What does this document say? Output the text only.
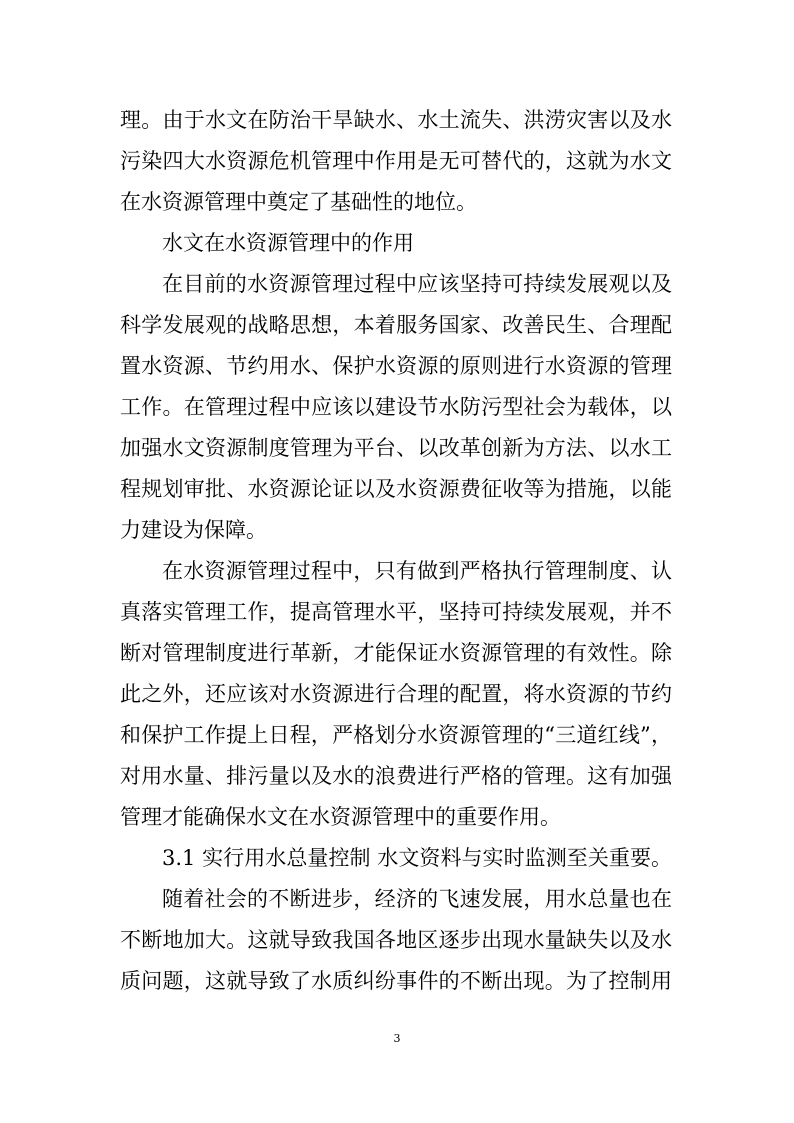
理。由于水文在防治干旱缺水、水土流失、洪涝灾害以及水
污染四大水资源危机管理中作用是无可替代的，这就为水文
在水资源管理中奠定了基础性的地位。
水文在水资源管理中的作用
在目前的水资源管理过程中应该坚持可持续发展观以及
科学发展观的战略思想，本着服务国家、改善民生、合理配
置水资源、节约用水、保护水资源的原则进行水资源的管理
工作。在管理过程中应该以建设节水防污型社会为载体，以
加强水文资源制度管理为平台、以改革创新为方法、以水工
程规划审批、水资源论证以及水资源费征收等为措施，以能
力建设为保障。
在水资源管理过程中，只有做到严格执行管理制度、认
真落实管理工作，提高管理水平，坚持可持续发展观，并不
断对管理制度进行革新，才能保证水资源管理的有效性。除
此之外，还应该对水资源进行合理的配置，将水资源的节约
和保护工作提上日程，严格划分水资源管理的“三道红线”，
对用水量、排污量以及水的浪费进行严格的管理。这有加强
管理才能确保水文在水资源管理中的重要作用。
3.1 实行用水总量控制 水文资料与实时监测至关重要。
随着社会的不断进步，经济的飞速发展，用水总量也在
不断地加大。这就导致我国各地区逐步出现水量缺失以及水
质问题，这就导致了水质纠纷事件的不断出现。为了控制用
3
